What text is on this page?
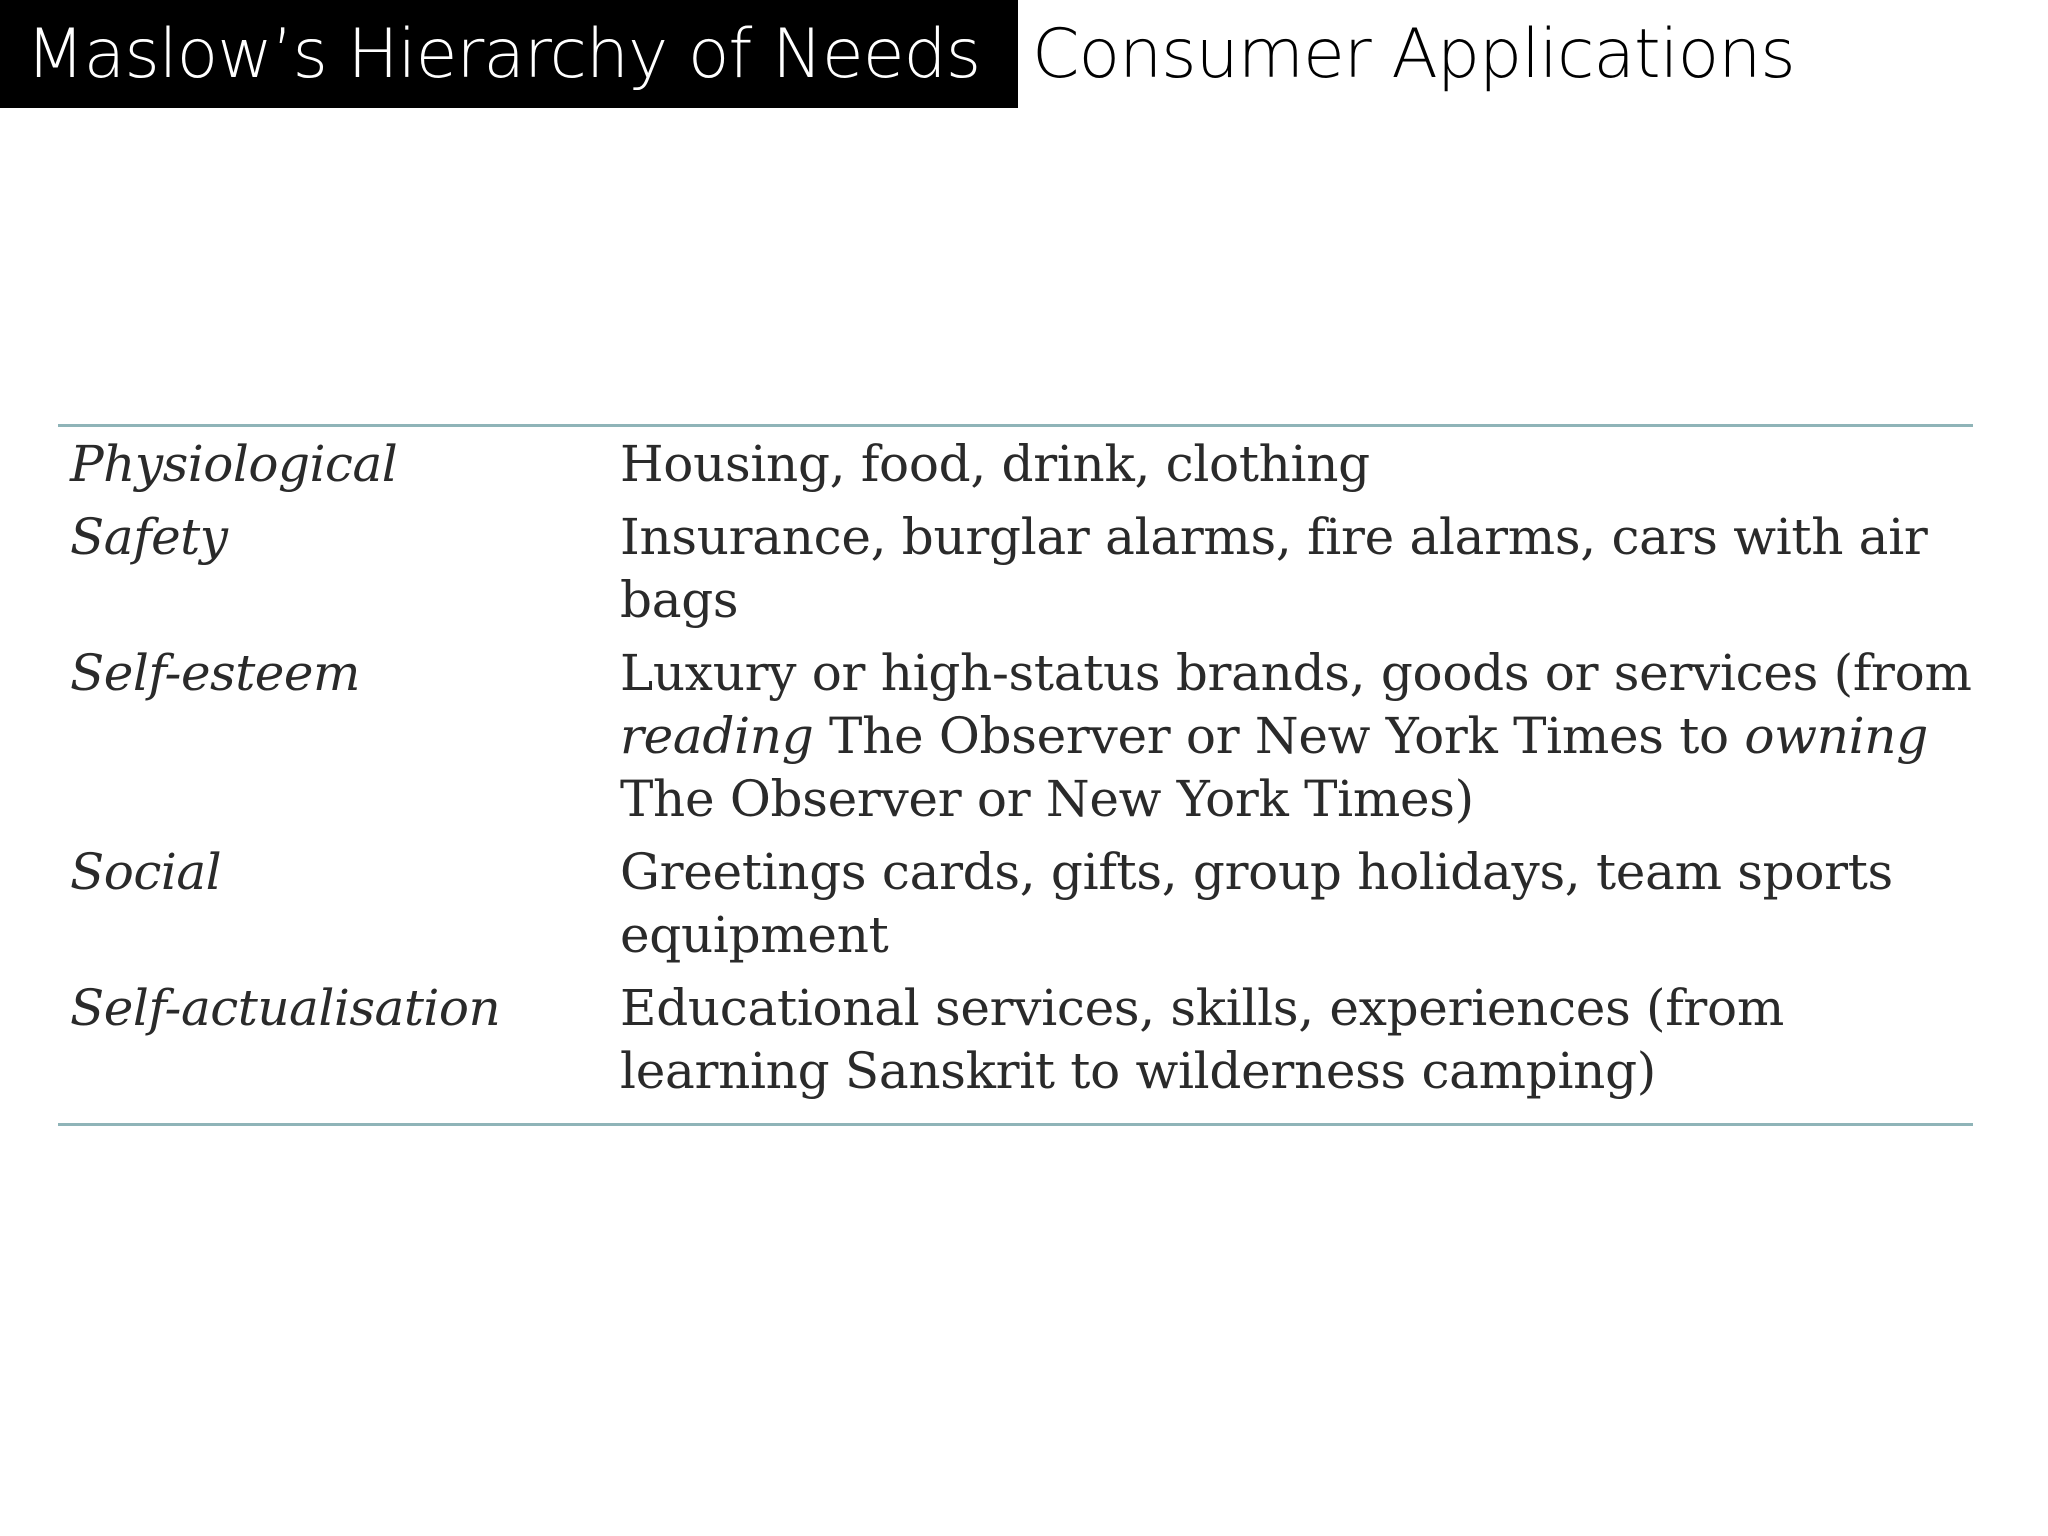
Maslow’s Hierarchy of Needs Consumer Applications
Physiological	Housing, food, drink, clothing
Safety	Insurance, burglar alarms, fire alarms, cars with air bags
Self-esteem	Luxury or high-status brands, goods or services (from reading The Observer or New York Times to owning The Observer or New York Times)
Social	Greetings cards, gifts, group holidays, team sports equipment
Self-actualisation	Educational services, skills, experiences (from learning Sanskrit to wilderness camping)
